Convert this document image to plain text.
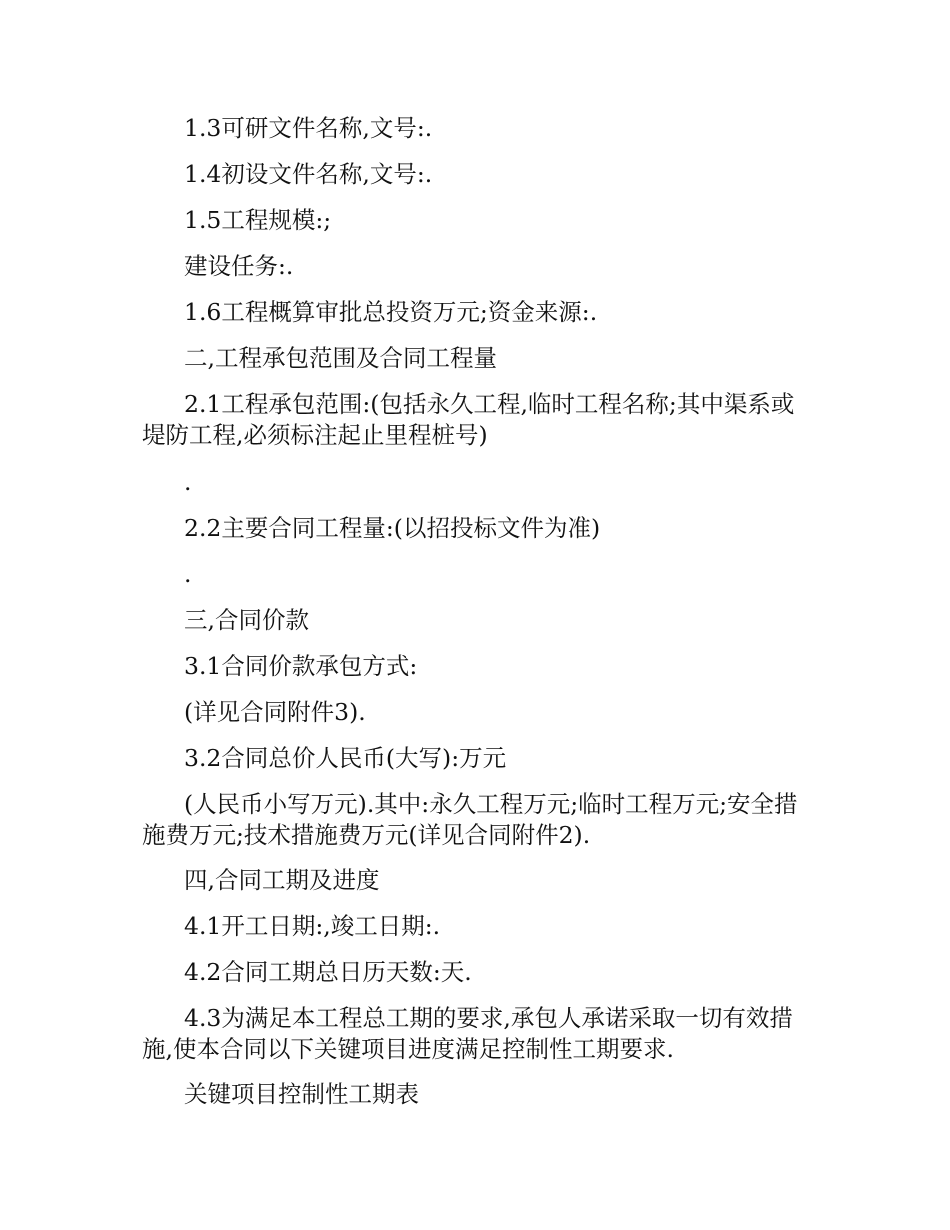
1.3可研文件名称,文号:.

1.4初设文件名称,文号:.

1.5工程规模:;

建设任务:.

1.6工程概算审批总投资万元;资金来源:.

二,工程承包范围及合同工程量

2.1工程承包范围:(包括永久工程,临时工程名称;其中渠系或堤防工程,必须标注起止里程桩号)

.

2.2主要合同工程量:(以招投标文件为准)

.

三,合同价款

3.1合同价款承包方式:

(详见合同附件3).

3.2合同总价人民币(大写):万元

(人民币小写万元).其中:永久工程万元;临时工程万元;安全措施费万元;技术措施费万元(详见合同附件2).

四,合同工期及进度

4.1开工日期:,竣工日期:.

4.2合同工期总日历天数:天.

4.3为满足本工程总工期的要求,承包人承诺采取一切有效措施,使本合同以下关键项目进度满足控制性工期要求.

关键项目控制性工期表
